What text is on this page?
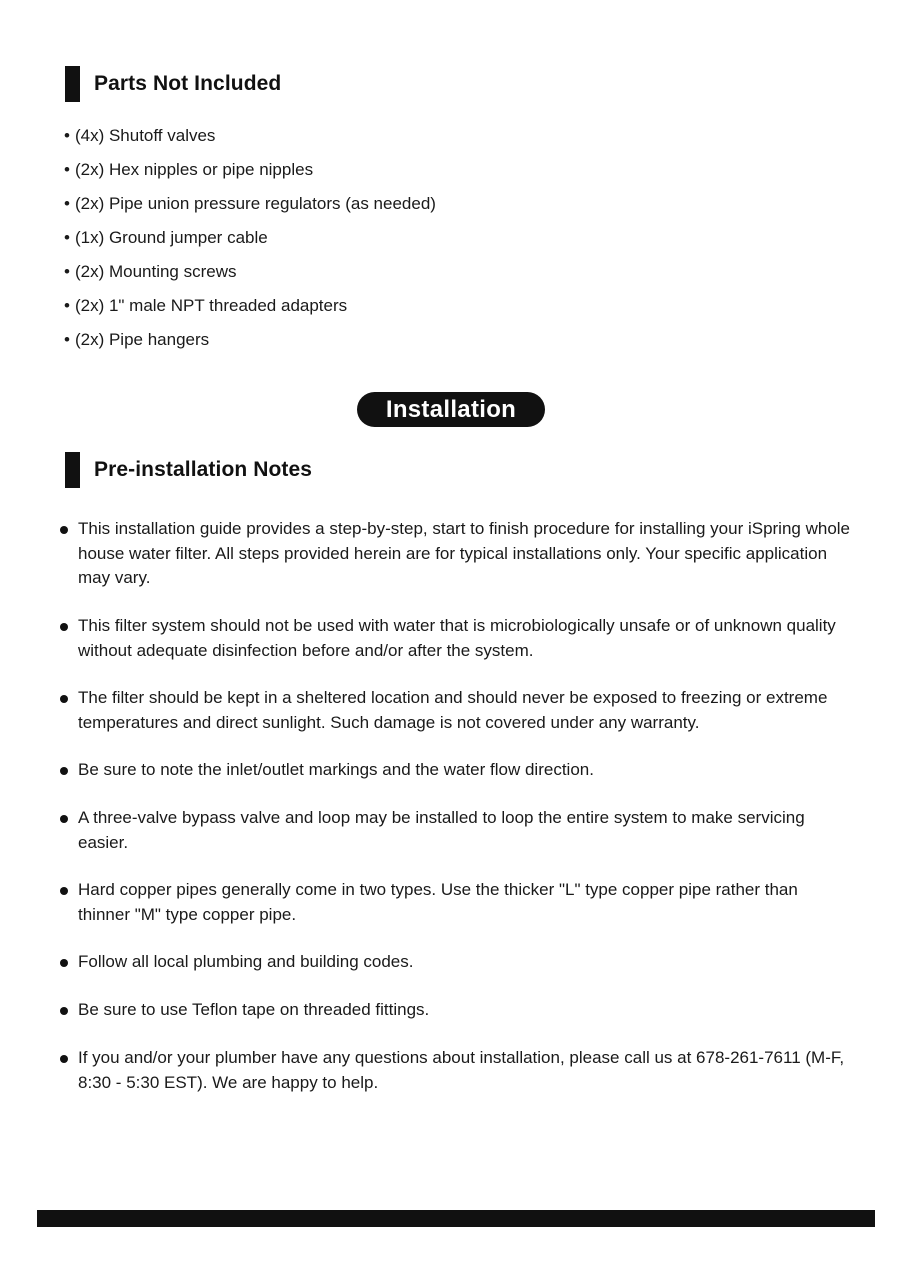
Parts Not Included
• (4x) Shutoff valves
• (2x) Hex nipples or pipe nipples
• (2x) Pipe union pressure regulators (as needed)
• (1x) Ground jumper cable
• (2x) Mounting screws
• (2x) 1" male NPT threaded adapters
• (2x) Pipe hangers
Installation
Pre-installation Notes
This installation guide provides a step-by-step, start to finish procedure for installing your iSpring whole house water filter. All steps provided herein are for typical installations only. Your specific application may vary.
This filter system should not be used with water that is microbiologically unsafe or of unknown quality without adequate disinfection before and/or after the system.
The filter should be kept in a sheltered location and should never be exposed to freezing or extreme temperatures and direct sunlight. Such damage is not covered under any warranty.
Be sure to note the inlet/outlet markings and the water flow direction.
A three-valve bypass valve and loop may be installed to loop the entire system to make servicing easier.
Hard copper pipes generally come in two types. Use the thicker "L" type copper pipe rather than thinner "M" type copper pipe.
Follow all local plumbing and building codes.
Be sure to use Teflon tape on threaded fittings.
If you and/or your plumber have any questions about installation, please call us at 678-261-7611 (M-F, 8:30 - 5:30 EST). We are happy to help.
